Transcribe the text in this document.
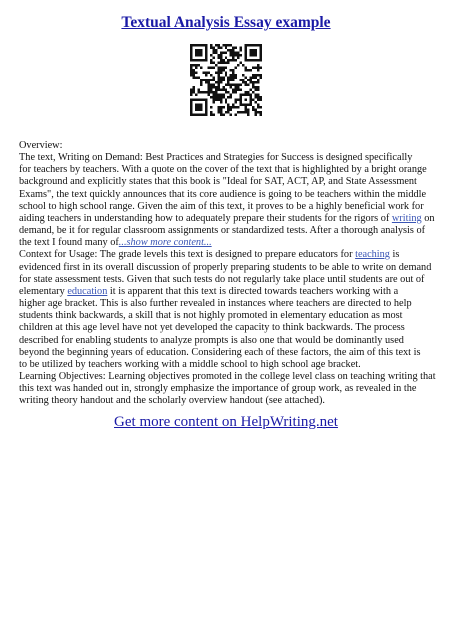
Textual Analysis Essay example
Overview:
The text, Writing on Demand: Best Practices and Strategies for Success is designed specifically
for teachers by teachers. With a quote on the cover of the text that is highlighted by a bright orange
background and explicitly states that this book is "Ideal for SAT, ACT, AP, and State Assessment
Exams", the text quickly announces that its core audience is going to be teachers within the middle
school to high school range. Given the aim of this text, it proves to be a highly beneficial work for
aiding teachers in understanding how to adequately prepare their students for the rigors of writing on
demand, be it for regular classroom assignments or standardized tests. After a thorough analysis of
the text I found many of...show more content...
Context for Usage: The grade levels this text is designed to prepare educators for teaching is
evidenced first in its overall discussion of properly preparing students to be able to write on demand
for state assessment tests. Given that such tests do not regularly take place until students are out of
elementary education it is apparent that this text is directed towards teachers working with a
higher age bracket. This is also further revealed in instances where teachers are directed to help
students think backwards, a skill that is not highly promoted in elementary education as most
children at this age level have not yet developed the capacity to think backwards. The process
described for enabling students to analyze prompts is also one that would be dominantly used
beyond the beginning years of education. Considering each of these factors, the aim of this text is
to be utilized by teachers working with a middle school to high school age bracket.
Learning Objectives: Learning objectives promoted in the college level class on teaching writing that
this text was handed out in, strongly emphasize the importance of group work, as revealed in the
writing theory handout and the scholarly overview handout (see attached).
Get more content on HelpWriting.net
